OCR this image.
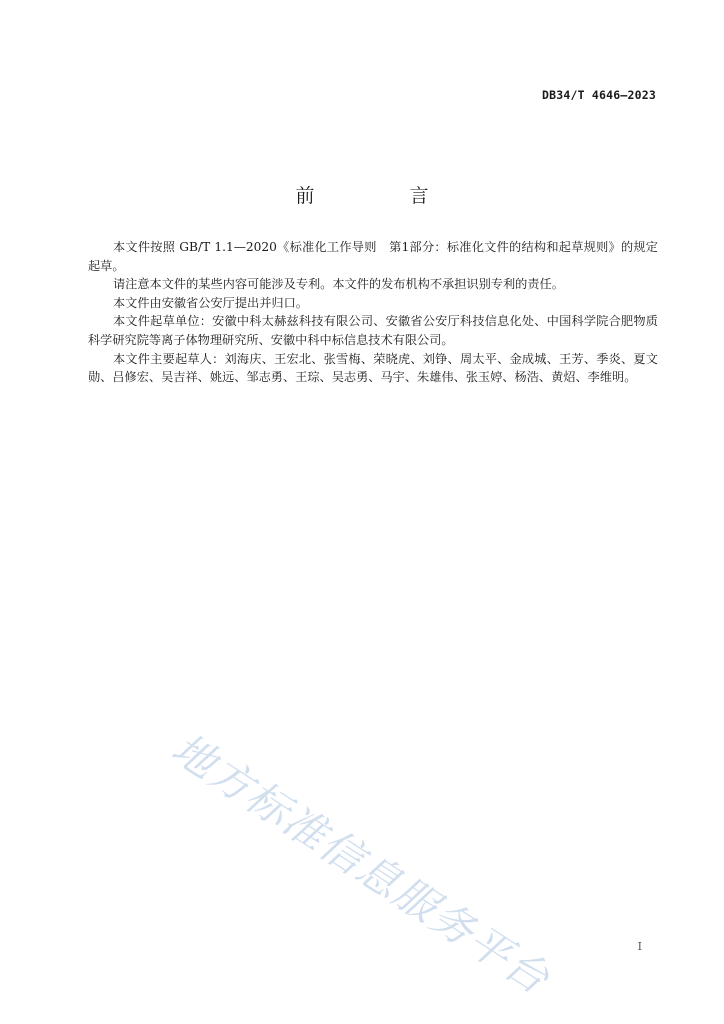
DB34/T 4646—2023
前　言

本文件按照 GB/T 1.1—2020《标准化工作导则　第1部分：标准化文件的结构和起草规则》的规定起草。

请注意本文件的某些内容可能涉及专利。本文件的发布机构不承担识别专利的责任。

本文件由安徽省公安厅提出并归口。

本文件起草单位：安徽中科太赫兹科技有限公司、安徽省公安厅科技信息化处、中国科学院合肥物质科学研究院等离子体物理研究所、安徽中科中标信息技术有限公司。

本文件主要起草人：刘海庆、王宏北、张雪梅、荣晓虎、刘铮、周太平、金成城、王芳、季炎、夏文勋、吕修宏、吴吉祥、姚远、邹志勇、王琮、吴志勇、马宇、朱雄伟、张玉婷、杨浩、黄炤、李维明。

地方标准信息服务平台	I
